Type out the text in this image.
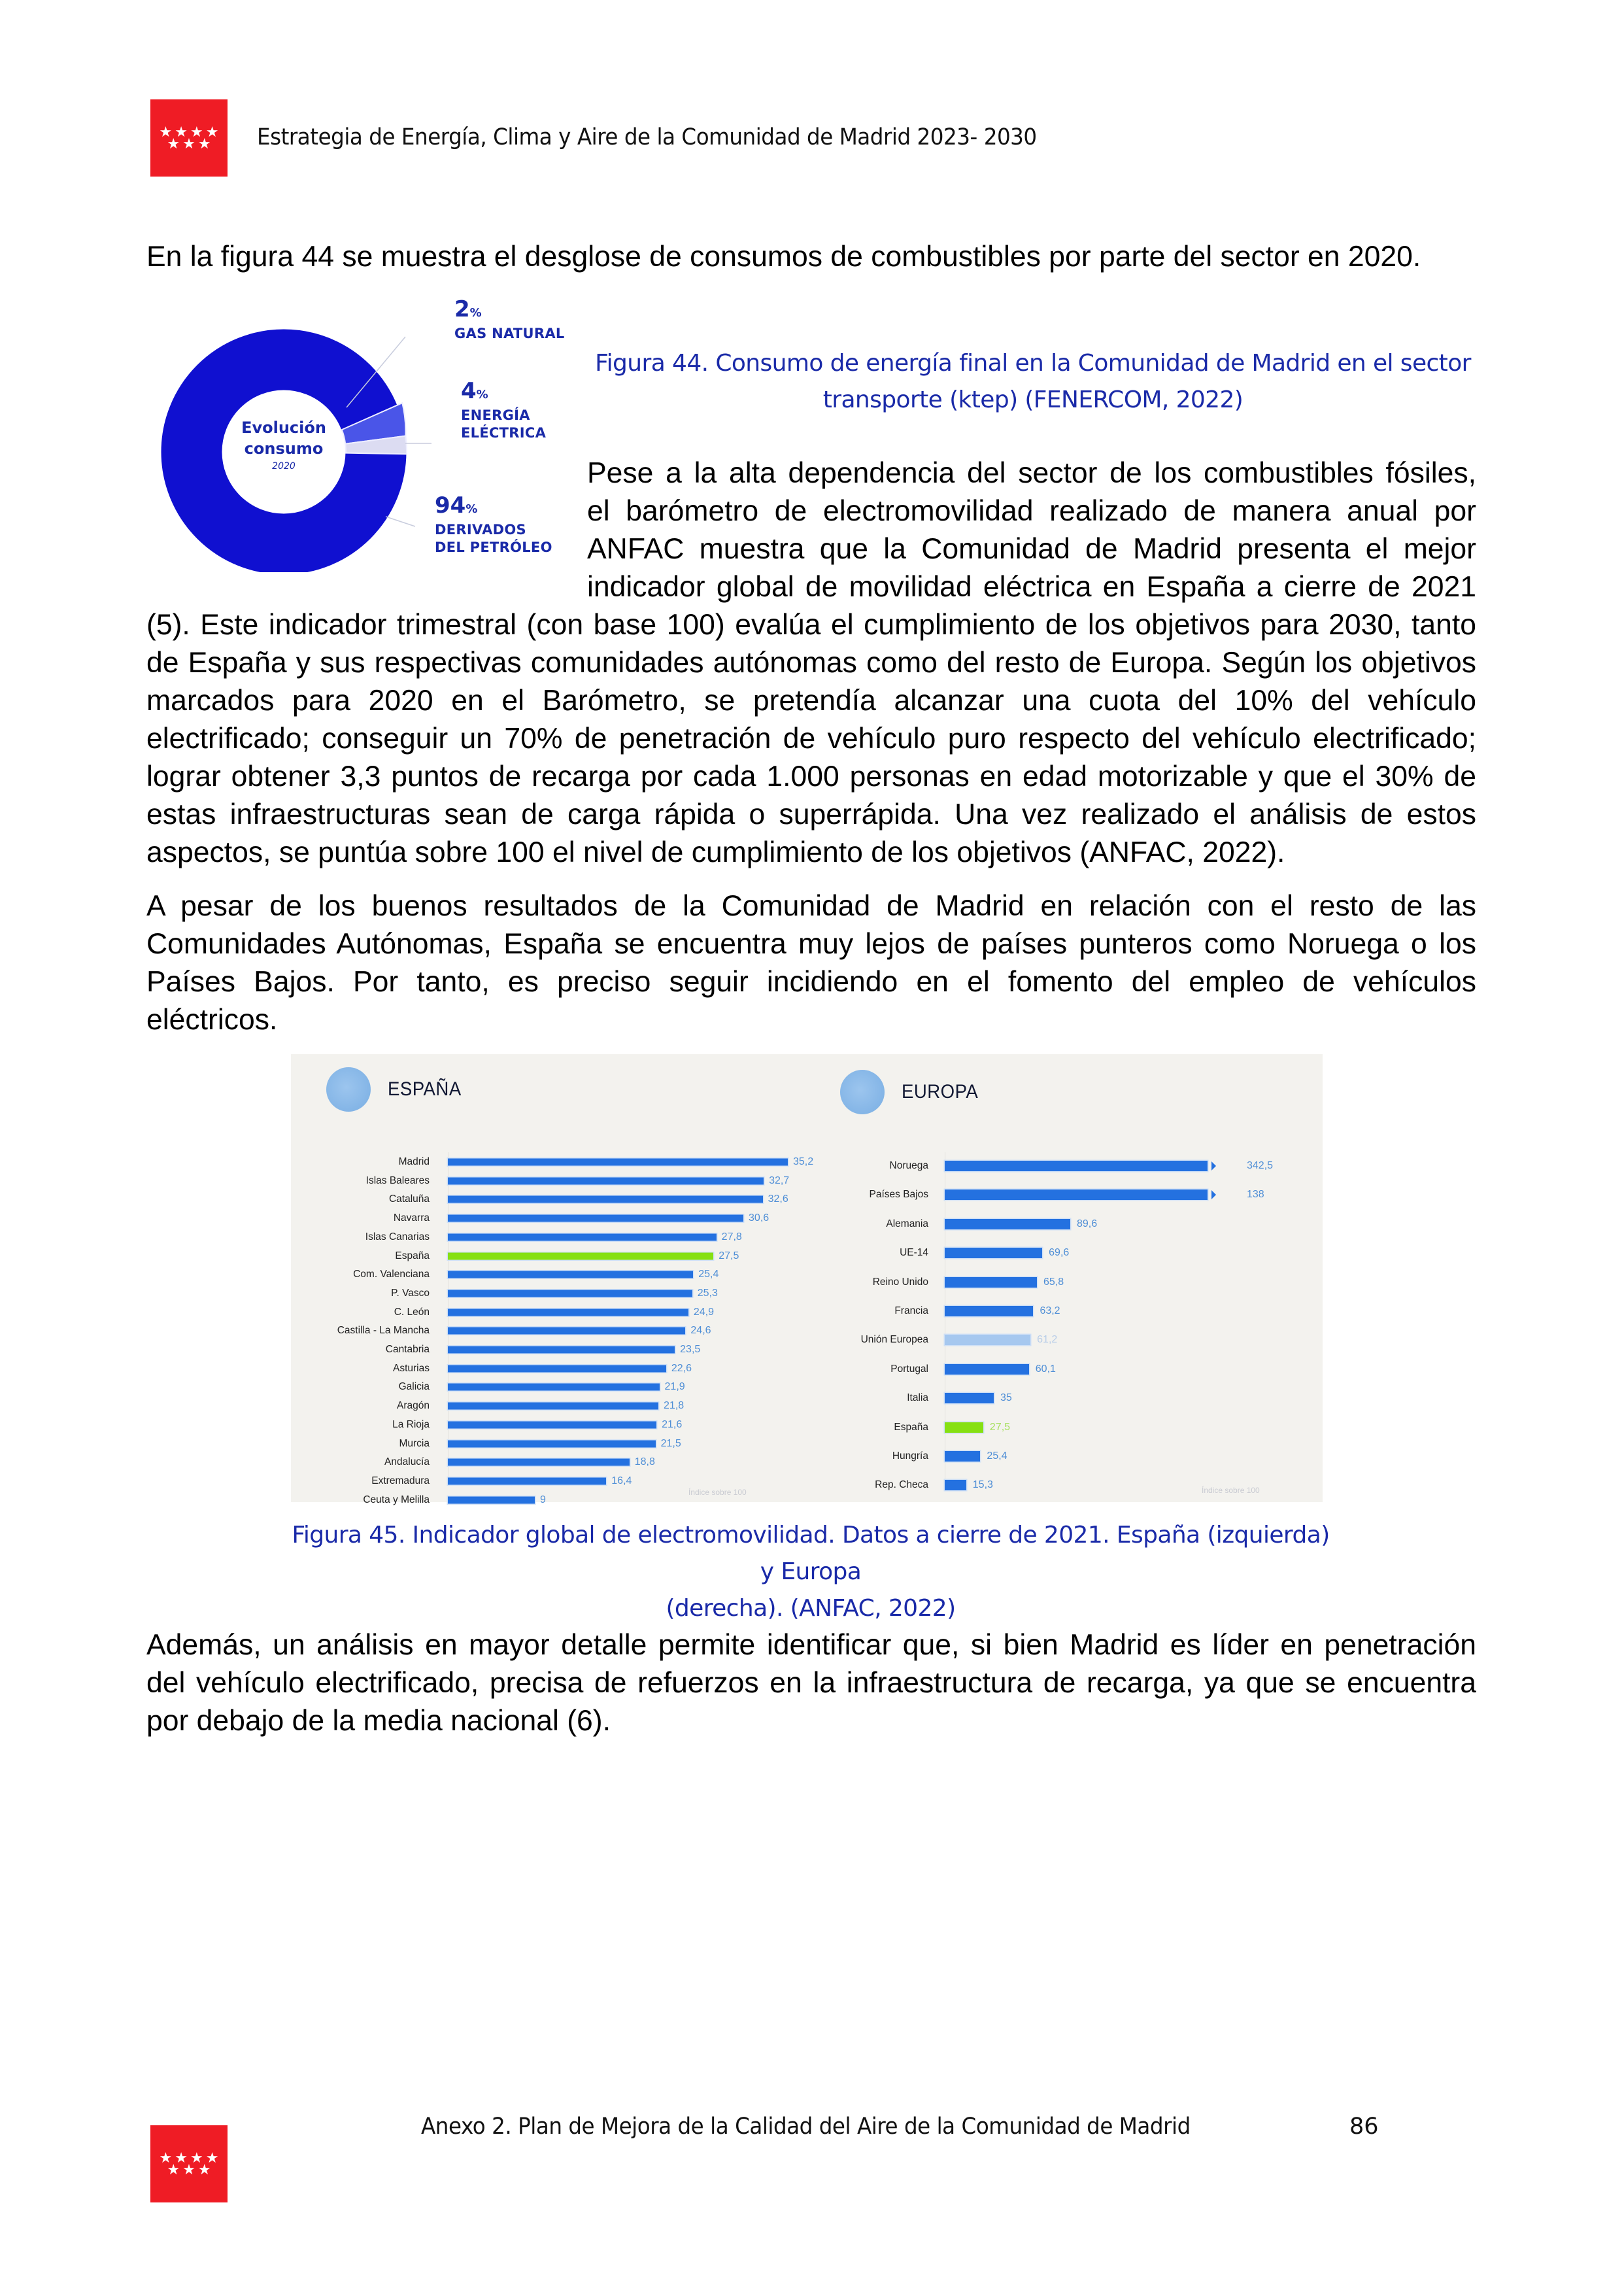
★ ★ ★ ★
★ ★ ★ Estrategia de Energía, Clima y Aire de la Comunidad de Madrid 2023- 2030
En la figura 44 se muestra el desglose de consumos de combustibles por parte del sector en 2020.
Evolución
consumo
2020
2%
GAS NATURAL
4%
ENERGÍA
ELÉCTRICA
94%
DERIVADOS
DEL PETRÓLEO
Figura 44. Consumo de energía final en la Comunidad de Madrid en el sector
transporte (ktep) (FENERCOM, 2022)
Pese a la alta dependencia del sector de los combustibles fósiles,
el barómetro de electromovilidad realizado de manera anual por
ANFAC muestra que la Comunidad de Madrid presenta el mejor
indicador global de movilidad eléctrica en España a cierre de 2021
(5). Este indicador trimestral (con base 100) evalúa el cumplimiento de los objetivos para 2030, tanto
de España y sus respectivas comunidades autónomas como del resto de Europa. Según los objetivos
marcados para 2020 en el Barómetro, se pretendía alcanzar una cuota del 10% del vehículo
electrificado; conseguir un 70% de penetración de vehículo puro respecto del vehículo electrificado;
lograr obtener 3,3 puntos de recarga por cada 1.000 personas en edad motorizable y que el 30% de
estas infraestructuras sean de carga rápida o superrápida. Una vez realizado el análisis de estos
aspectos, se puntúa sobre 100 el nivel de cumplimiento de los objetivos (ANFAC, 2022).
A pesar de los buenos resultados de la Comunidad de Madrid en relación con el resto de las
Comunidades Autónomas, España se encuentra muy lejos de países punteros como Noruega o los
Países Bajos. Por tanto, es preciso seguir incidiendo en el fomento del empleo de vehículos
eléctricos.
ESPAÑA	EUROPA
Madrid	35,2
Islas Baleares	32,7
Cataluña	32,6
Navarra	30,6
Islas Canarias	27,8
España	27,5
Com. Valenciana	25,4
P. Vasco	25,3
C. León	24,9
Castilla - La Mancha	24,6
Cantabria	23,5
Asturias	22,6
Galicia	21,9
Aragón	21,8
La Rioja	21,6
Murcia	21,5
Andalucía	18,8
Extremadura	16,4
Ceuta y Melilla	9
Noruega	342,5
Países Bajos	138
Alemania	89,6
UE-14	69,6
Reino Unido	65,8
Francia	63,2
Unión Europea	61,2
Portugal	60,1
Italia	35
España	27,5
Hungría	25,4
Rep. Checa	15,3
Índice sobre 100	Índice sobre 100
Figura 45. Indicador global de electromovilidad. Datos a cierre de 2021. España (izquierda) y Europa
(derecha). (ANFAC, 2022)
Además, un análisis en mayor detalle permite identificar que, si bien Madrid es líder en penetración
del vehículo electrificado, precisa de refuerzos en la infraestructura de recarga, ya que se encuentra
por debajo de la media nacional (6).
★ ★ ★ ★
★ ★ ★
Anexo 2. Plan de Mejora de la Calidad del Aire de la Comunidad de Madrid	86
